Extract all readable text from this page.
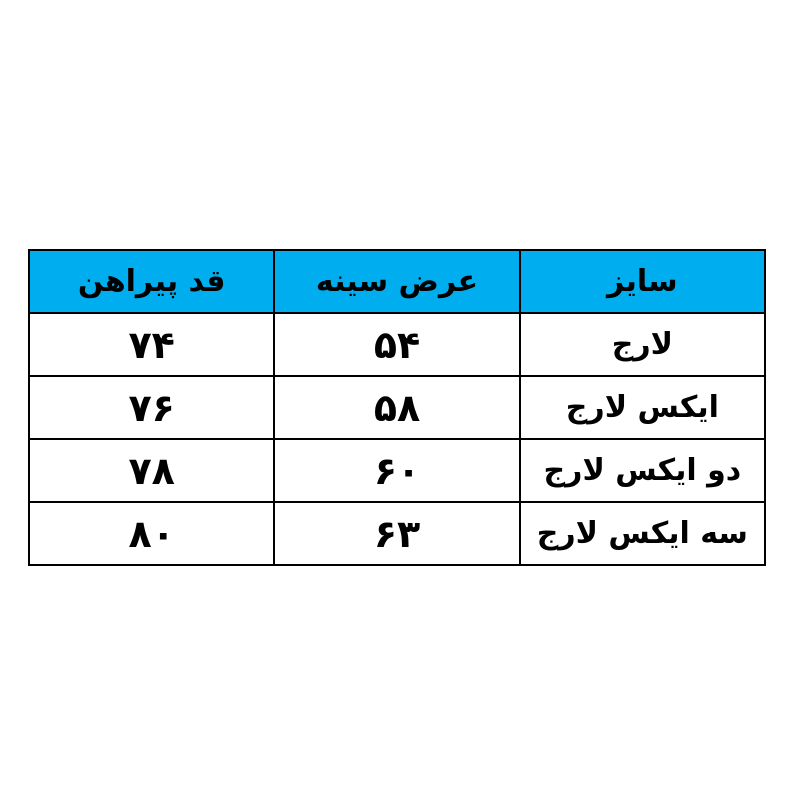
سایز	عرض سینه	قد پیراهن
لارج	۵۴	۷۴
ایکس لارج	۵۸	۷۶
دو ایکس لارج	۶۰	۷۸
سه ایکس لارج	۶۳	۸۰
